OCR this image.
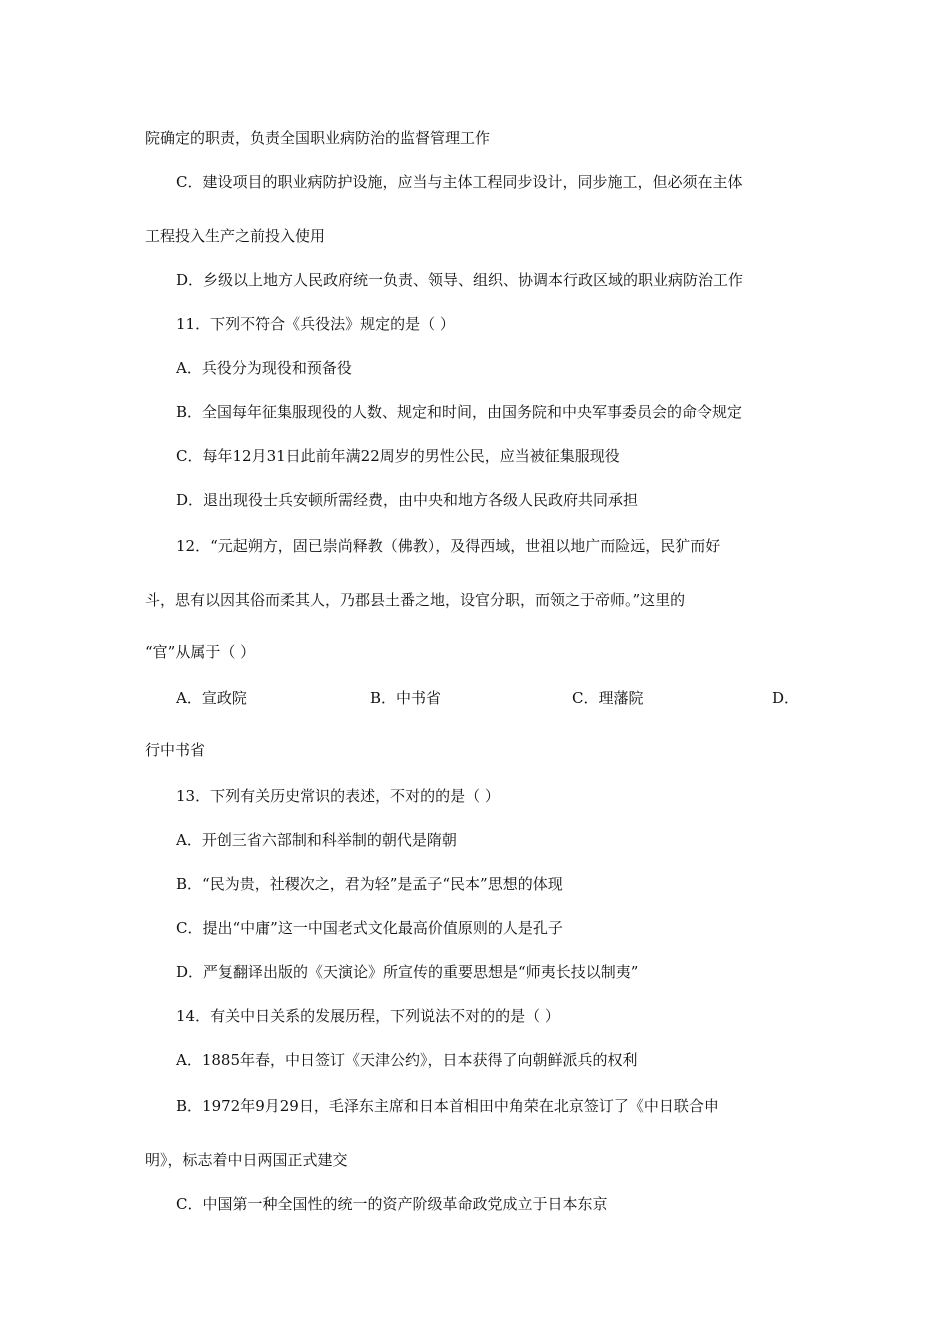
院确定的职责，负责全国职业病防治的监督管理工作
C．建设项目的职业病防护设施，应当与主体工程同步设计，同步施工，但必须在主体
工程投入生产之前投入使用
D．乡级以上地方人民政府统一负责、领导、组织、协调本行政区域的职业病防治工作
11．下列不符合《兵役法》规定的是（ ）
A．兵役分为现役和预备役
B．全国每年征集服现役的人数、规定和时间，由国务院和中央军事委员会的命令规定
C．每年12月31日此前年满22周岁的男性公民，应当被征集服现役
D．退出现役士兵安顿所需经费，由中央和地方各级人民政府共同承担
12．“元起朔方，固已崇尚释教（佛教），及得西域，世祖以地广而险远，民犷而好
斗，思有以因其俗而柔其人，乃郡县土番之地，设官分职，而领之于帝师。”这里的
“官”从属于（ ）
A．宣政院	B．中书省	C．理藩院	D．
行中书省
13．下列有关历史常识的表述，不对的的是（ ）
A．开创三省六部制和科举制的朝代是隋朝
B．“民为贵，社稷次之，君为轻”是孟子“民本”思想的体现
C．提出“中庸”这一中国老式文化最高价值原则的人是孔子
D．严复翻译出版的《天演论》所宣传的重要思想是“师夷长技以制夷”
14．有关中日关系的发展历程，下列说法不对的的是（ ）
A．1885年春，中日签订《天津公约》，日本获得了向朝鲜派兵的权利
B．1972年9月29日，毛泽东主席和日本首相田中角荣在北京签订了《中日联合申
明》，标志着中日两国正式建交
C．中国第一种全国性的统一的资产阶级革命政党成立于日本东京
